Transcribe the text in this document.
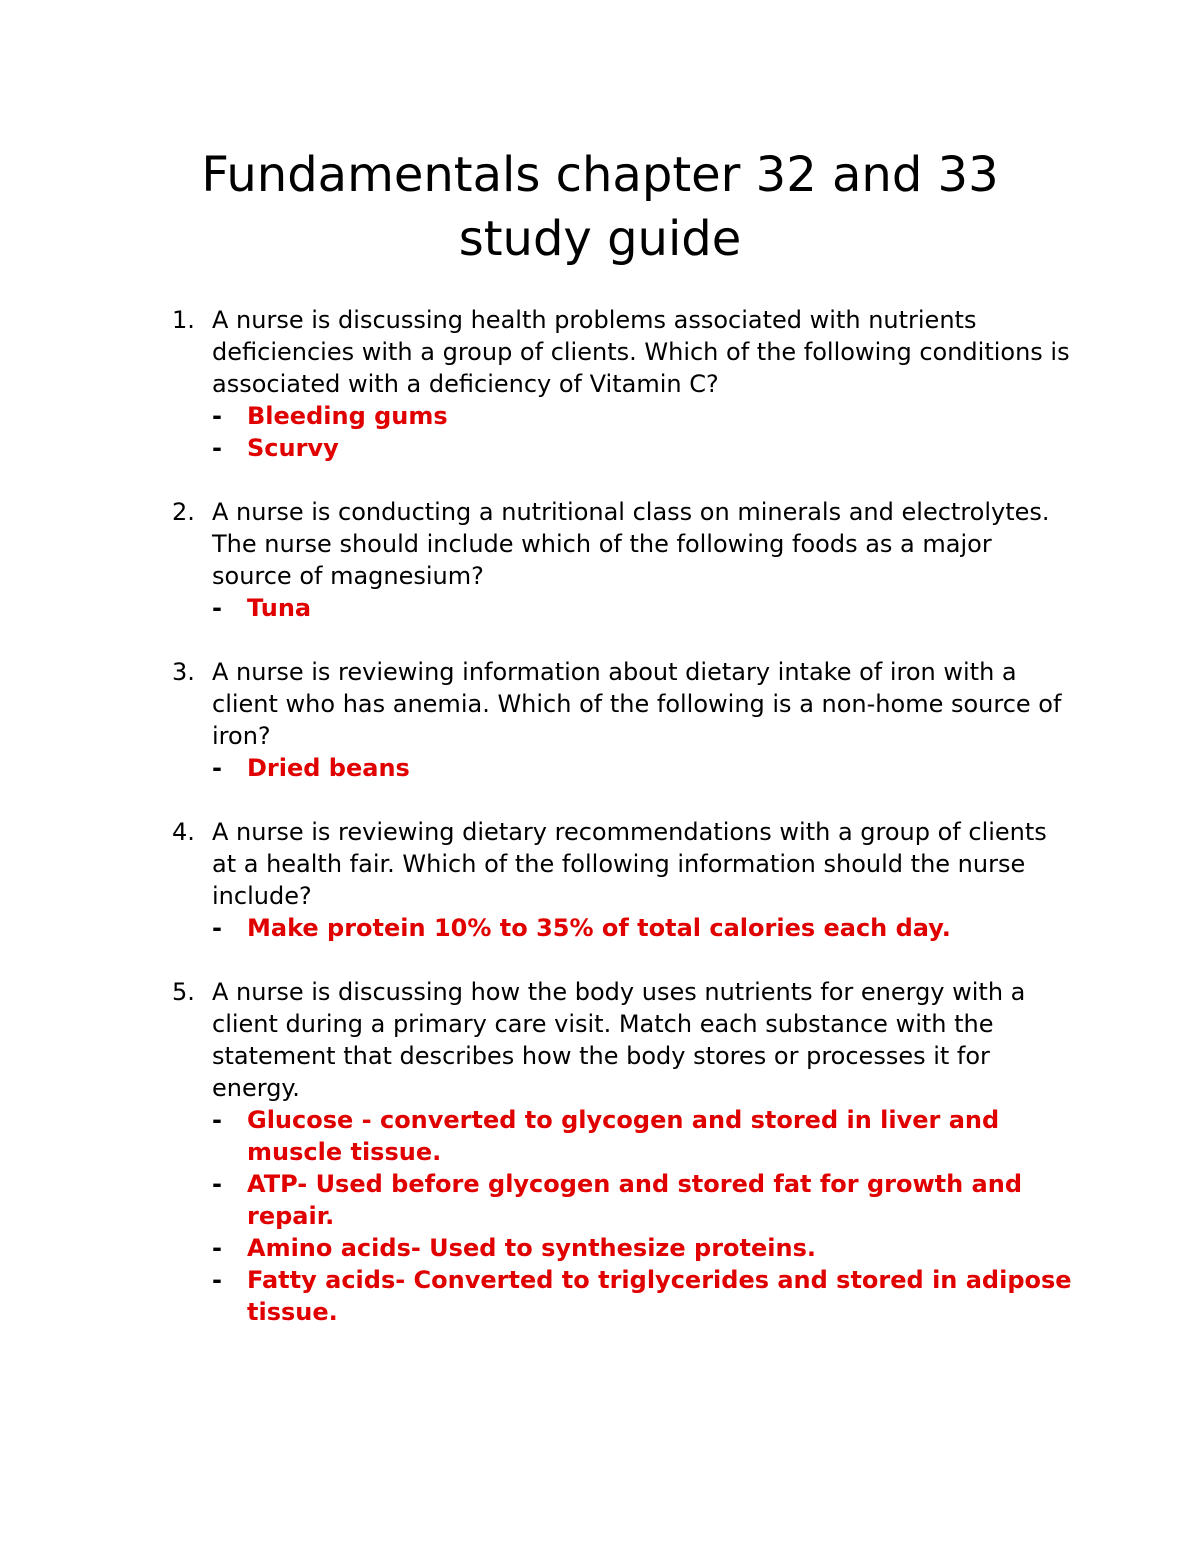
Fundamentals chapter 32 and 33
study guide
1. A nurse is discussing health problems associated with nutrients deficiencies with a group of clients. Which of the following conditions is associated with a deficiency of Vitamin C?
- Bleeding gums
- Scurvy
2. A nurse is conducting a nutritional class on minerals and electrolytes. The nurse should include which of the following foods as a major source of magnesium?
- Tuna
3. A nurse is reviewing information about dietary intake of iron with a client who has anemia. Which of the following is a non-home source of iron?
- Dried beans
4. A nurse is reviewing dietary recommendations with a group of clients at a health fair. Which of the following information should the nurse include?
- Make protein 10% to 35% of total calories each day.
5. A nurse is discussing how the body uses nutrients for energy with a client during a primary care visit. Match each substance with the statement that describes how the body stores or processes it for energy.
- Glucose - converted to glycogen and stored in liver and muscle tissue.
- ATP- Used before glycogen and stored fat for growth and repair.
- Amino acids- Used to synthesize proteins.
- Fatty acids- Converted to triglycerides and stored in adipose tissue.
